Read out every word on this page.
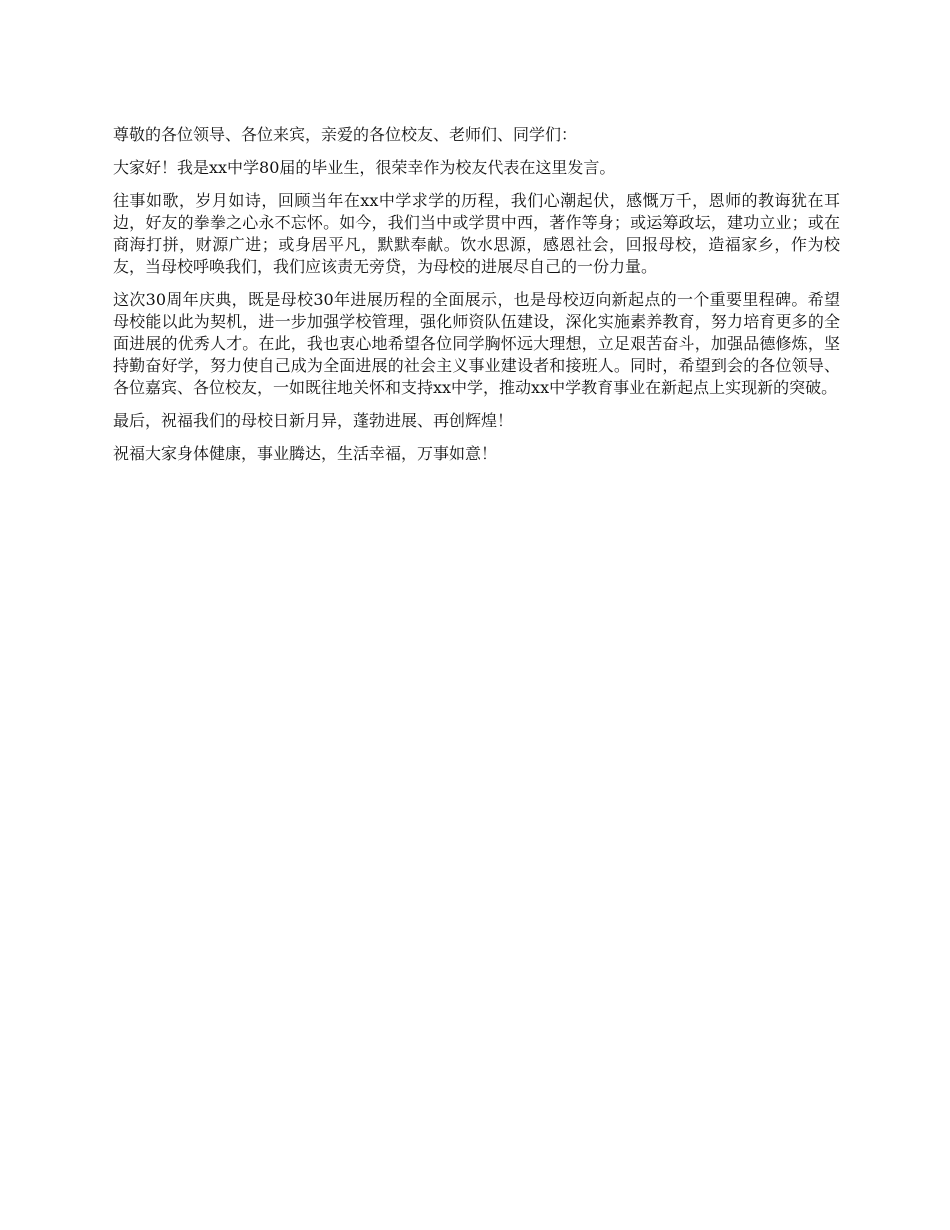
尊敬的各位领导、各位来宾，亲爱的各位校友、老师们、同学们：

大家好！我是xx中学80届的毕业生，很荣幸作为校友代表在这里发言。

往事如歌，岁月如诗，回顾当年在xx中学求学的历程，我们心潮起伏，感慨万千，恩师的教诲犹在耳边，好友的拳拳之心永不忘怀。如今，我们当中或学贯中西，著作等身；或运筹政坛，建功立业；或在商海打拼，财源广进；或身居平凡，默默奉献。饮水思源，感恩社会，回报母校，造福家乡，作为校友，当母校呼唤我们，我们应该责无旁贷，为母校的进展尽自己的一份力量。

这次30周年庆典，既是母校30年进展历程的全面展示，也是母校迈向新起点的一个重要里程碑。希望母校能以此为契机，进一步加强学校管理，强化师资队伍建设，深化实施素养教育，努力培育更多的全面进展的优秀人才。在此，我也衷心地希望各位同学胸怀远大理想，立足艰苦奋斗，加强品德修炼，坚持勤奋好学，努力使自己成为全面进展的社会主义事业建设者和接班人。同时，希望到会的各位领导、各位嘉宾、各位校友，一如既往地关怀和支持xx中学，推动xx中学教育事业在新起点上实现新的突破。

最后，祝福我们的母校日新月异，蓬勃进展、再创辉煌！

祝福大家身体健康，事业腾达，生活幸福，万事如意！
